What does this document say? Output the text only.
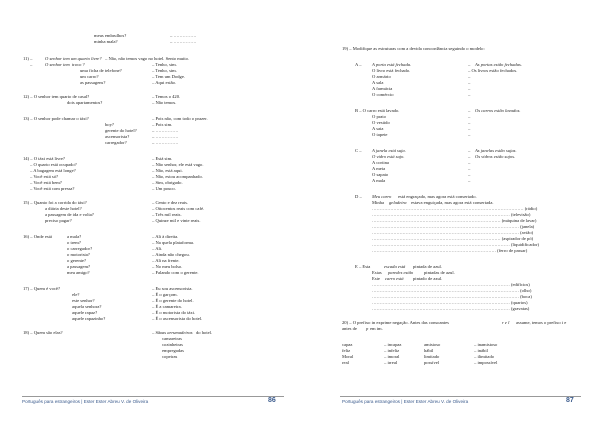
meus embrulhos?	– ……………
minha mala?	– ……………
11) –	O senhor tem um quarto livre? – Não, não temos vago no hotel. Sento muito.
–	O senhor tem troco ?	– Tenho, sim.
uma ficha de telefone?	– Tenho, sim.
um carro?	– Tem um Dodge.
as passagens?	– Aqui estão.
12) – O senhor tem quarto de casal?	– Temos o 420.
dois apartamentos?	– Não temos.
13) – O senhor pode chamar o táxi?	– Pois não, com todo o prazer.
boy?	– Pois sim.
gerente do hotel?	– ……………
ascensorista?	– ……………
carregador?	– ……………
14) – O táxi está livre?	– Está sim.
– O quarto está ocupado?	– Não senhor, ele está vago.
– A bagagem está longe?	– Não, está aqui.
– Você está só?	– Não, estou acompanhado.
– Você está bem?	– Sim, obrigado.
– Você está com pressa?	– Um pouco.
15) – Quanto foi a corrida do táxi?	– Cento e dez reais.
a diária deste hotel?	– Oitocentos reais com café.
a passagem de ida e volta?	– Três mil reais.
preciso pagar?	– Quinze mil e vinte reais.
16) – Onde está	a mala?	– Ali à direita.
o trem?	– Na quela plataforma.
o carregador?	– Ali.
o motorista?	– Ainda não chegou.
o gerente?	– Ali na frente.
a passagem?	– No meu bolso.
meu amigo?	– Falando com o gerente.
17) – Quem é você?	– Eu sou ascensorista.
ele?	– É o garçom.
este senhor?	– É o gerente do hotel.
aquela senhora?	– É a camareira.
aquele rapaz?	– É o motorista do táxi.
aquele rapazinho?	– É o ascensorista do hotel.
18) – Quem são elas?	– São as arrumadeiras do hotel.
camareiras
cozinheiras
empregadas
copeiras
19) – Modifique as estruturas com a devida concordância seguindo o modelo:
A – A porta está fechada.	– As portas estão fechadas.
O livro está fechado.	– Os livros estão fechados.
O armário	–
A sala	–
A farmácia	–
O comércio	–
B – O carro está lavado.	– Os carros estão lavados.
O prato	–
O vestido	–
A saia	–
O tapete	–
C – A janela está suja.	– As janelas estão sujas.
O vidro está sujo.	– Os vidros estão sujos.
A cortina	–
A meia	–
O sapato	–
A mala	–
D – Meu carro está engraçado, mas agora está consertado.
Minha geladeira estava enguiçada, mas agora está consertada.
……………………………………………………………………………………… (rádio)
……………………………………………………………………………… (televisão)
………………………………………………………………………… (máquina de lavar)
…………………………………………………………………………………… (janela)
…………………………………………………………………………………… (avião)
………………………………………………………………………… (aspirador de pó)
……………………………………………………………………………… (liquidificador)
……………………………………………………………………… (ferro de passar)
E – Esta	escada está pintada de azul.
Estas paredes estão pintadas de azul.
Este carro está pintado de azul.
……………………………………………………………………………… (edifícios)
…………………………………………………………………………………… (olho)
…………………………………………………………………………………… (boca)
……………………………………………………………………………… (quartos)
……………………………………………………………………………… (gravatas)
20) – O prefixo in exprime negação. Antes das consoantes	r e l assume, temos o prefixo i e
antes de p em im.
capaz	– incapaz	amistoso	– inamistoso
feliz	– infeliz	hábil	– inábil
Moral	– imoral	limitado	– ilimitado
real	– irreal	possível	– impossível
Português para estrangeiros | Ester Ester Abreu V. de Oliveira	86	Português para estrangeiros | Ester Ester Abreu V. de Oliveira	87
